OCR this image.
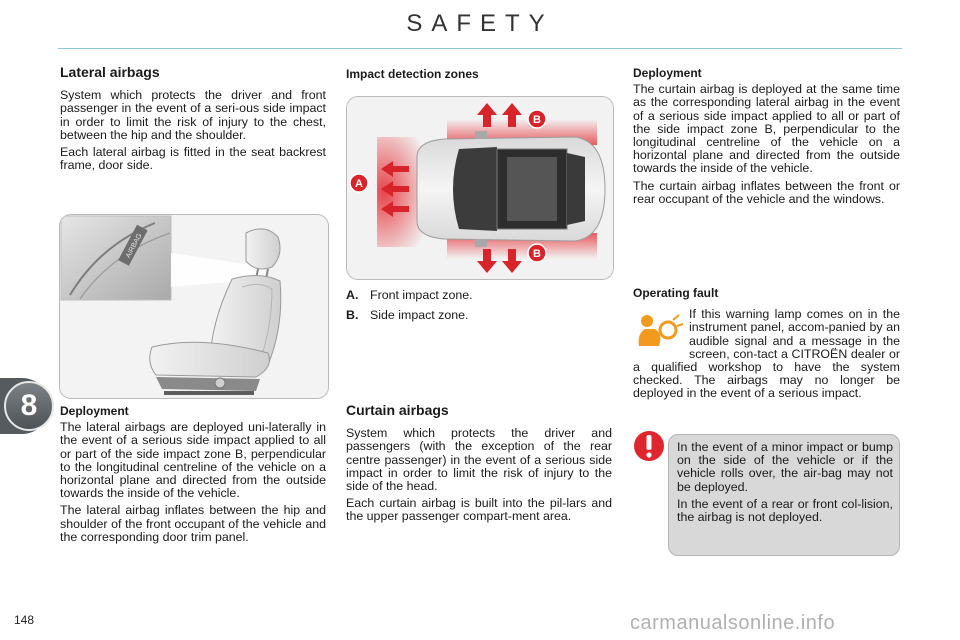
SAFETY
8
Lateral airbags

System which protects the driver and front passenger in the event of a seri-ous side impact in order to limit the risk of injury to the chest, between the hip and the shoulder.

Each lateral airbag is fitted in the seat backrest frame, door side.

AIRBAG
Deployment

The lateral airbags are deployed uni-laterally in the event of a serious side impact applied to all or part of the side impact zone B, perpendicular to the longitudinal centreline of the vehicle on a horizontal plane and directed from the outside towards the inside of the vehicle.

The lateral airbag inflates between the hip and shoulder of the front occupant of the vehicle and the corresponding door trim panel.

Impact detection zones
B
B
A
A. Front impact zone.
B. Side impact zone.
Curtain airbags

System which protects the driver and passengers (with the exception of the rear centre passenger) in the event of a serious side impact in order to limit the risk of injury to the side of the head.

Each curtain airbag is built into the pil-lars and the upper passenger compart-ment area.

Deployment

The curtain airbag is deployed at the same time as the corresponding lateral airbag in the event of a serious side impact applied to all or part of the side impact zone B, perpendicular to the longitudinal centreline of the vehicle on a horizontal plane and directed from the outside towards the inside of the vehicle.

The curtain airbag inflates between the front or rear occupant of the vehicle and the windows.

Operating fault

If this warning lamp comes on in the instrument panel, accom-panied by an audible signal and a message in the screen, con-tact a CITROËN dealer or a qualified workshop to have the system checked. The airbags may no longer be deployed in the event of a serious impact.

In the event of a minor impact or bump on the side of the vehicle or if the vehicle rolls over, the air-bag may not be deployed.

In the event of a rear or front col-lision, the airbag is not deployed.

148	carmanualsonline.info
